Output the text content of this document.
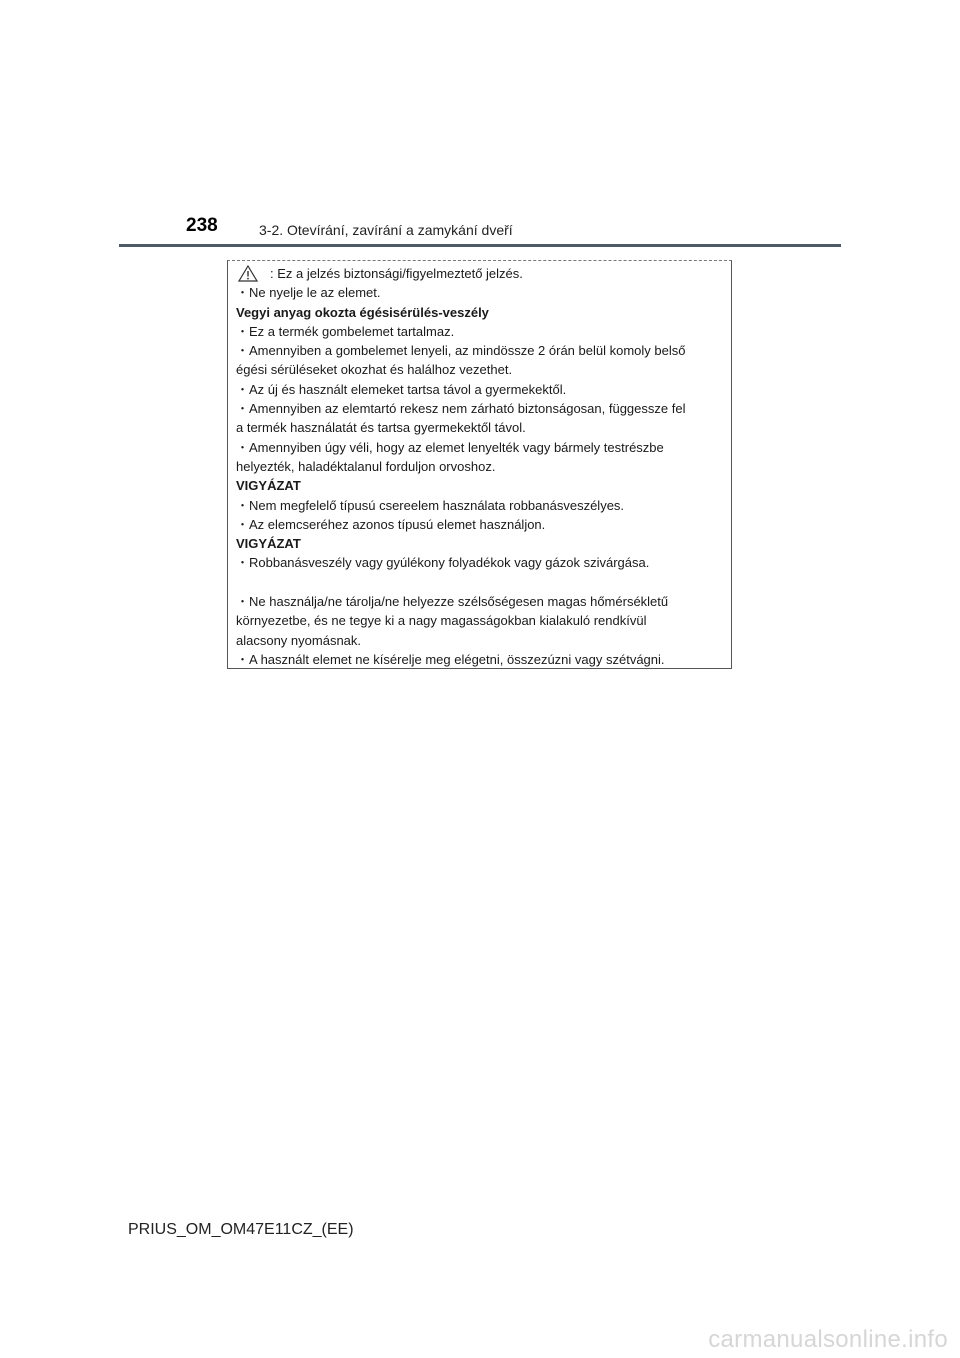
238	3-2. Otevírání, zavírání a zamykání dveří
: Ez a jelzés biztonsági/figyelmeztető jelzés.
・Ne nyelje le az elemet.
Vegyi anyag okozta égésisérülés-veszély
・Ez a termék gombelemet tartalmaz.
・Amennyiben a gombelemet lenyeli, az mindössze 2 órán belül komoly belső
égési sérüléseket okozhat és halálhoz vezethet.
・Az új és használt elemeket tartsa távol a gyermekektől.
・Amennyiben az elemtartó rekesz nem zárható biztonságosan, függessze fel
a termék használatát és tartsa gyermekektől távol.
・Amennyiben úgy véli, hogy az elemet lenyelték vagy bármely testrészbe
helyezték, haladéktalanul forduljon orvoshoz.
VIGYÁZAT
・Nem megfelelő típusú csereelem használata robbanásveszélyes.
・Az elemcseréhez azonos típusú elemet használjon.
VIGYÁZAT
・Robbanásveszély vagy gyúlékony folyadékok vagy gázok szivárgása.
・Ne használja/ne tárolja/ne helyezze szélsőségesen magas hőmérsékletű
környezetbe, és ne tegye ki a nagy magasságokban kialakuló rendkívül
alacsony nyomásnak.
・A használt elemet ne kísérelje meg elégetni, összezúzni vagy szétvágni.
PRIUS_OM_OM47E11CZ_(EE)
carmanualsonline.info
